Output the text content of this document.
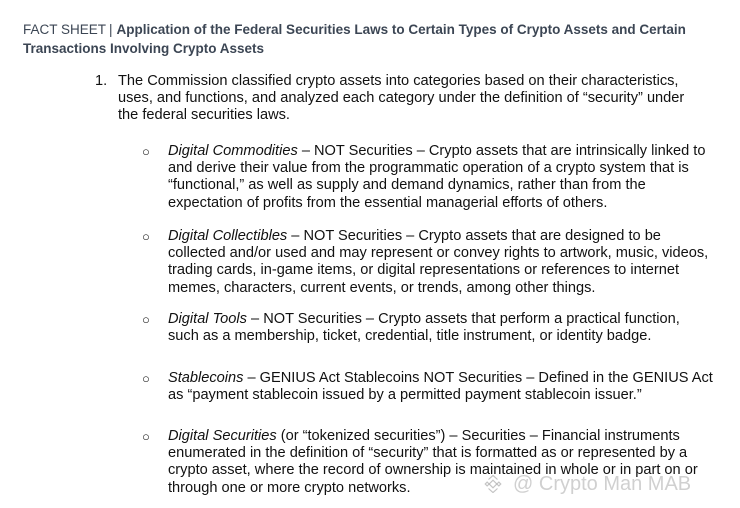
FACT SHEET | Application of the Federal Securities Laws to Certain Types of Crypto Assets and Certain Transactions Involving Crypto Assets
1. The Commission classified crypto assets into categories based on their characteristics, uses, and functions, and analyzed each category under the definition of “security” under the federal securities laws.
○ Digital Commodities – NOT Securities – Crypto assets that are intrinsically linked to and derive their value from the programmatic operation of a crypto system that is “functional,” as well as supply and demand dynamics, rather than from the expectation of profits from the essential managerial efforts of others.
○ Digital Collectibles – NOT Securities – Crypto assets that are designed to be collected and/or used and may represent or convey rights to artwork, music, videos, trading cards, in-game items, or digital representations or references to internet memes, characters, current events, or trends, among other things.
○ Digital Tools – NOT Securities – Crypto assets that perform a practical function, such as a membership, ticket, credential, title instrument, or identity badge.
○ Stablecoins – GENIUS Act Stablecoins NOT Securities – Defined in the GENIUS Act as “payment stablecoin issued by a permitted payment stablecoin issuer.”
○ Digital Securities (or “tokenized securities”) – Securities – Financial instruments enumerated in the definition of “security” that is formatted as or represented by a crypto asset, where the record of ownership is maintained in whole or in part on or through one or more crypto networks.	@ Crypto Man MAB
